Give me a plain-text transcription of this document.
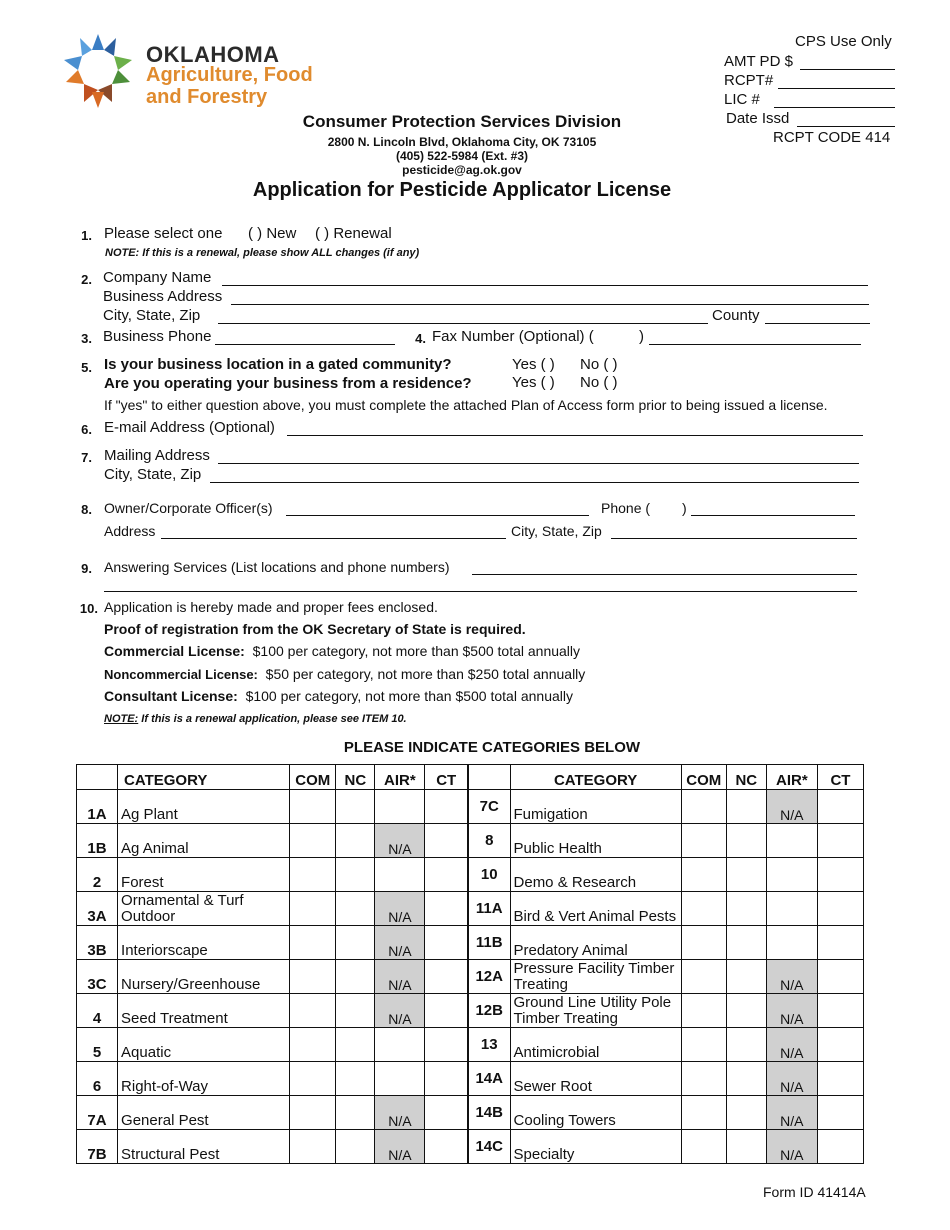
OKLAHOMA
Agriculture, Food
and Forestry
CPS Use Only
AMT PD $
RCPT#
LIC #
Date Issd
RCPT CODE 414
Consumer Protection Services Division
2800 N. Lincoln Blvd, Oklahoma City, OK 73105
(405) 522-5984 (Ext. #3)
pesticide@ag.ok.gov
Application for Pesticide Applicator License
1. Please select one ( ) New ( ) Renewal
NOTE: If this is a renewal, please show ALL changes (if any)
2. Company Name
Business Address
City, State, Zip	County
3. Business Phone	4. Fax Number (Optional) (	)
5. Is your business location in a gated community?	Yes ( ) No ( )
Are you operating your business from a residence?	Yes ( ) No ( )
If "yes" to either question above, you must complete the attached Plan of Access form prior to being issued a license.
6. E-mail Address (Optional)
7. Mailing Address
City, State, Zip
8. Owner/Corporate Officer(s)	Phone ( )
Address	City, State, Zip
9. Answering Services (List locations and phone numbers)
10. Application is hereby made and proper fees enclosed.
Proof of registration from the OK Secretary of State is required.
Commercial License: $100 per category, not more than $500 total annually
Noncommercial License: $50 per category, not more than $250 total annually
Consultant License: $100 per category, not more than $500 total annually
NOTE: If this is a renewal application, please see ITEM 10.
PLEASE INDICATE CATEGORIES BELOW
	CATEGORY	COM	NC	AIR*	CT		CATEGORY	COM	NC	AIR*	CT
1A	Ag Plant					7C	Fumigation			N/A	
1B	Ag Animal			N/A		8	Public Health				
2	Forest					10	Demo & Research				
3A	Ornamental & Turf Outdoor			N/A		11A	Bird & Vert Animal Pests				
3B	Interiorscape			N/A		11B	Predatory Animal				
3C	Nursery/Greenhouse			N/A		12A	Pressure Facility Timber Treating			N/A	
4	Seed Treatment			N/A		12B	Ground Line Utility Pole Timber Treating			N/A	
5	Aquatic					13	Antimicrobial			N/A	
6	Right-of-Way					14A	Sewer Root			N/A	
7A	General Pest			N/A		14B	Cooling Towers			N/A	
7B	Structural Pest			N/A		14C	Specialty			N/A	
Form ID 41414A
